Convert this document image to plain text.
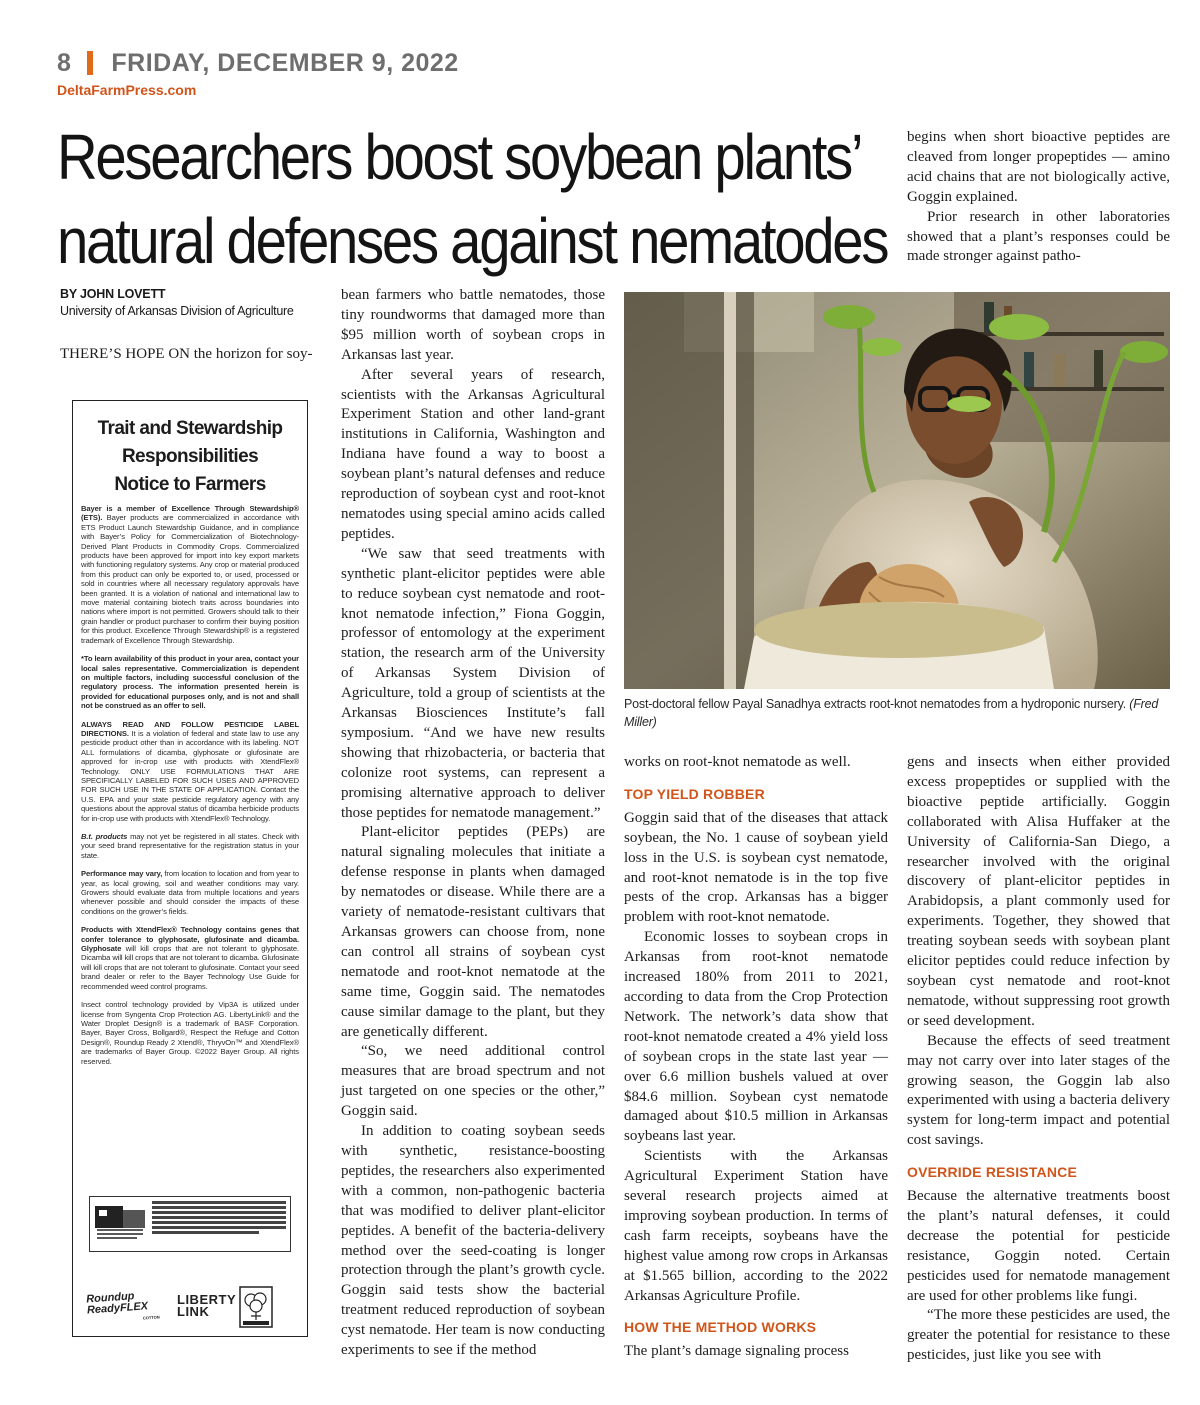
8 FRIDAY, DECEMBER 9, 2022
DeltaFarmPress.com
Researchers boost soybean plants’
natural defenses against nematodes
BY JOHN LOVETT
University of Arkansas Division of Agriculture

THERE’S HOPE ON the horizon for soy-

Trait and Stewardship Responsibilities Notice to Farmers

Bayer is a member of Excellence Through Stewardship® (ETS). Bayer products are commercialized in accordance with ETS Product Launch Stewardship Guidance, and in compliance with Bayer’s Policy for Commercialization of Biotechnology-Derived Plant Products in Commodity Crops. Commercialized products have been approved for import into key export markets with functioning regulatory systems. Any crop or material produced from this product can only be exported to, or used, processed or sold in countries where all necessary regulatory approvals have been granted. It is a violation of national and international law to move material containing biotech traits across boundaries into nations where import is not permitted. Growers should talk to their grain handler or product purchaser to confirm their buying position for this product. Excellence Through Stewardship® is a registered trademark of Excellence Through Stewardship.

*To learn availability of this product in your area, contact your local sales representative. Commercialization is dependent on multiple factors, including successful conclusion of the regulatory process. The information presented herein is provided for educational purposes only, and is not and shall not be construed as an offer to sell.

ALWAYS READ AND FOLLOW PESTICIDE LABEL DIRECTIONS. It is a violation of federal and state law to use any pesticide product other than in accordance with its labeling. NOT ALL formulations of dicamba, glyphosate or glufosinate are approved for in-crop use with products with XtendFlex® Technology. ONLY USE FORMULATIONS THAT ARE SPECIFICALLY LABELED FOR SUCH USES AND APPROVED FOR SUCH USE IN THE STATE OF APPLICATION. Contact the U.S. EPA and your state pesticide regulatory agency with any questions about the approval status of dicamba herbicide products for in-crop use with products with XtendFlex® Technology.

B.t. products may not yet be registered in all states. Check with your seed brand representative for the registration status in your state.

Performance may vary, from location to location and from year to year, as local growing, soil and weather conditions may vary. Growers should evaluate data from multiple locations and years whenever possible and should consider the impacts of these conditions on the grower’s fields.

Products with XtendFlex® Technology contains genes that confer tolerance to glyphosate, glufosinate and dicamba. Glyphosate will kill crops that are not tolerant to glyphosate. Dicamba will kill crops that are not tolerant to dicamba. Glufosinate will kill crops that are not tolerant to glufosinate. Contact your seed brand dealer or refer to the Bayer Technology Use Guide for recommended weed control programs.

Insect control technology provided by Vip3A is utilized under license from Syngenta Crop Protection AG. LibertyLink® and the Water Droplet Design® is a trademark of BASF Corporation. Bayer, Bayer Cross, Bollgard®, Respect the Refuge and Cotton Design®, Roundup Ready 2 Xtend®, ThryvOn™ and XtendFlex® are trademarks of Bayer Group. ©2022 Bayer Group. All rights reserved.

Roundup ReadyFLEX
COTTON
LIBERTY LINK

bean farmers who battle nematodes, those tiny roundworms that damaged more than $95 million worth of soybean crops in Arkansas last year.

After several years of research, scientists with the Arkansas Agricultural Experiment Station and other land-grant institutions in California, Washington and Indiana have found a way to boost a soybean plant’s natural defenses and reduce reproduction of soybean cyst and root-knot nematodes using special amino acids called peptides.

“We saw that seed treatments with synthetic plant-elicitor peptides were able to reduce soybean cyst nematode and root-knot nematode infection,” Fiona Goggin, professor of entomology at the experiment station, the research arm of the University of Arkansas System Division of Agriculture, told a group of scientists at the Arkansas Biosciences Institute’s fall symposium. “And we have new results showing that rhizobacteria, or bacteria that colonize root systems, can represent a promising alternative approach to deliver those peptides for nematode management.”

Plant-elicitor peptides (PEPs) are natural signaling molecules that initiate a defense response in plants when damaged by nematodes or disease. While there are a variety of nematode-resistant cultivars that Arkansas growers can choose from, none can control all strains of soybean cyst nematode and root-knot nematode at the same time, Goggin said. The nematodes cause similar damage to the plant, but they are genetically different.

“So, we need additional control measures that are broad spectrum and not just targeted on one species or the other,” Goggin said.

In addition to coating soybean seeds with synthetic, resistance-boosting peptides, the researchers also experimented with a common, non-pathogenic bacteria that was modified to deliver plant-elicitor peptides. A benefit of the bacteria-delivery method over the seed-coating is longer protection through the plant’s growth cycle. Goggin said tests show the bacterial treatment reduced reproduction of soybean cyst nematode. Her team is now conducting experiments to see if the method

begins when short bioactive peptides are cleaved from longer propeptides — amino acid chains that are not biologically active, Goggin explained.

Prior research in other laboratories showed that a plant’s responses could be made stronger against patho-

Post-doctoral fellow Payal Sanadhya extracts root-knot nematodes from a hydroponic nursery. (Fred Miller)

works on root-knot nematode as well.

TOP YIELD ROBBER

Goggin said that of the diseases that attack soybean, the No. 1 cause of soybean yield loss in the U.S. is soybean cyst nematode, and root-knot nematode is in the top five pests of the crop. Arkansas has a bigger problem with root-knot nematode.

Economic losses to soybean crops in Arkansas from root-knot nematode increased 180% from 2011 to 2021, according to data from the Crop Protection Network. The network’s data show that root-knot nematode created a 4% yield loss of soybean crops in the state last year — over 6.6 million bushels valued at over $84.6 million. Soybean cyst nematode damaged about $10.5 million in Arkansas soybeans last year.

Scientists with the Arkansas Agricultural Experiment Station have several research projects aimed at improving soybean production. In terms of cash farm receipts, soybeans have the highest value among row crops in Arkansas at $1.565 billion, according to the 2022 Arkansas Agriculture Profile.

HOW THE METHOD WORKS

The plant’s damage signaling process

gens and insects when either provided excess propeptides or supplied with the bioactive peptide artificially. Goggin collaborated with Alisa Huffaker at the University of California-San Diego, a researcher involved with the original discovery of plant-elicitor peptides in Arabidopsis, a plant commonly used for experiments. Together, they showed that treating soybean seeds with soybean plant elicitor peptides could reduce infection by soybean cyst nematode and root-knot nematode, without suppressing root growth or seed development.

Because the effects of seed treatment may not carry over into later stages of the growing season, the Goggin lab also experimented with using a bacteria delivery system for long-term impact and potential cost savings.

OVERRIDE RESISTANCE

Because the alternative treatments boost the plant’s natural defenses, it could decrease the potential for pesticide resistance, Goggin noted. Certain pesticides used for nematode management are used for other problems like fungi.

“The more these pesticides are used, the greater the potential for resistance to these pesticides, just like you see with
